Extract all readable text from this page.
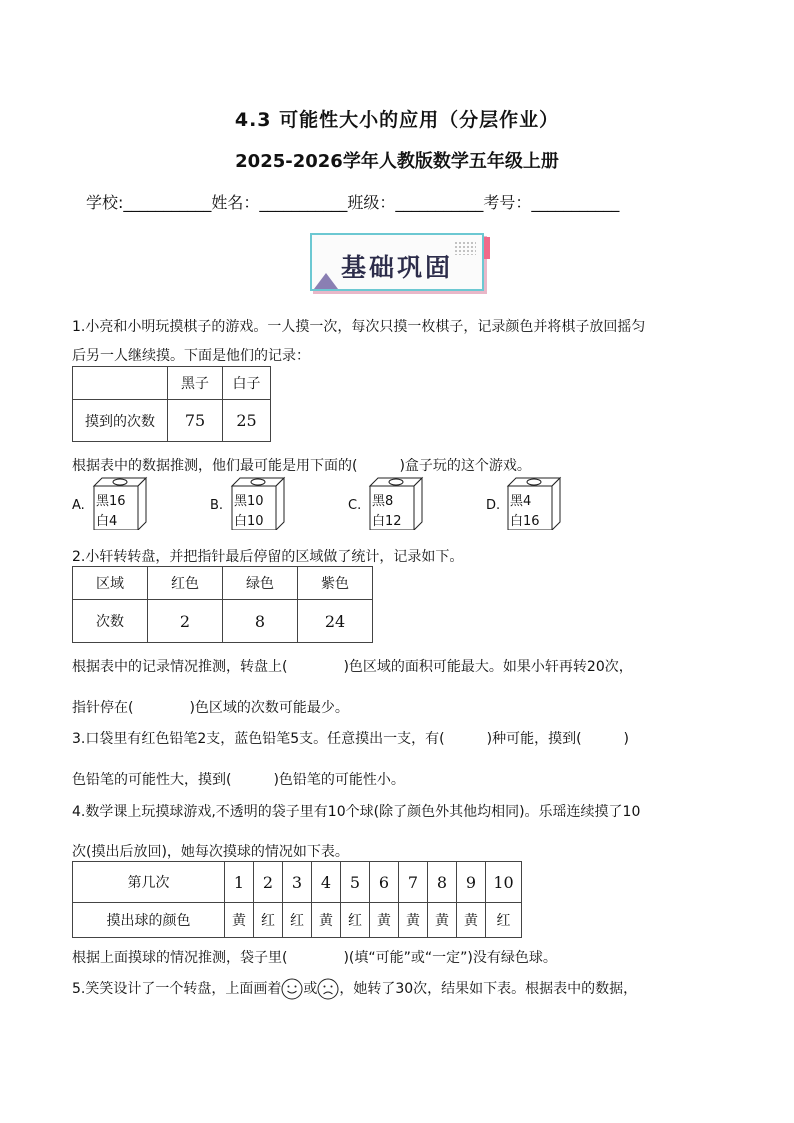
4.3 可能性大小的应用（分层作业）
2025-2026学年人教版数学五年级上册
学校:___________姓名：___________班级：___________考号：___________
基础巩固
1.小亮和小明玩摸棋子的游戏。一人摸一次，每次只摸一枚棋子，记录颜色并将棋子放回摇匀
后另一人继续摸。下面是他们的记录：
	黑子	白子
摸到的次数	75	25
根据表中的数据推测，他们最可能是用下面的(　　　)盒子玩的这个游戏。
A. 黑16
白4
B. 黑10
白10
C. 黑8
白12
D. 黑4
白16
2.小轩转转盘，并把指针最后停留的区域做了统计，记录如下。
区域	红色	绿色	紫色
次数	2	8	24
根据表中的记录情况推测，转盘上(　　　　)色区域的面积可能最大。如果小轩再转20次，
指针停在(　　　　)色区域的次数可能最少。
3.口袋里有红色铅笔2支，蓝色铅笔5支。任意摸出一支，有(　　　)种可能，摸到(　　　)
色铅笔的可能性大，摸到(　　　)色铅笔的可能性小。
4.数学课上玩摸球游戏,不透明的袋子里有10个球(除了颜色外其他均相同)。乐瑶连续摸了10
次(摸出后放回)，她每次摸球的情况如下表。
第几次	1	2	3	4	5	6	7	8	9	10
摸出球的颜色	黄	红	红	黄	红	黄	黄	黄	黄	红
根据上面摸球的情况推测，袋子里(　　　　)(填“可能”或“一定”)没有绿色球。
5.笑笑设计了一个转盘，上面画着 或 ，她转了30次，结果如下表。根据表中的数据，
